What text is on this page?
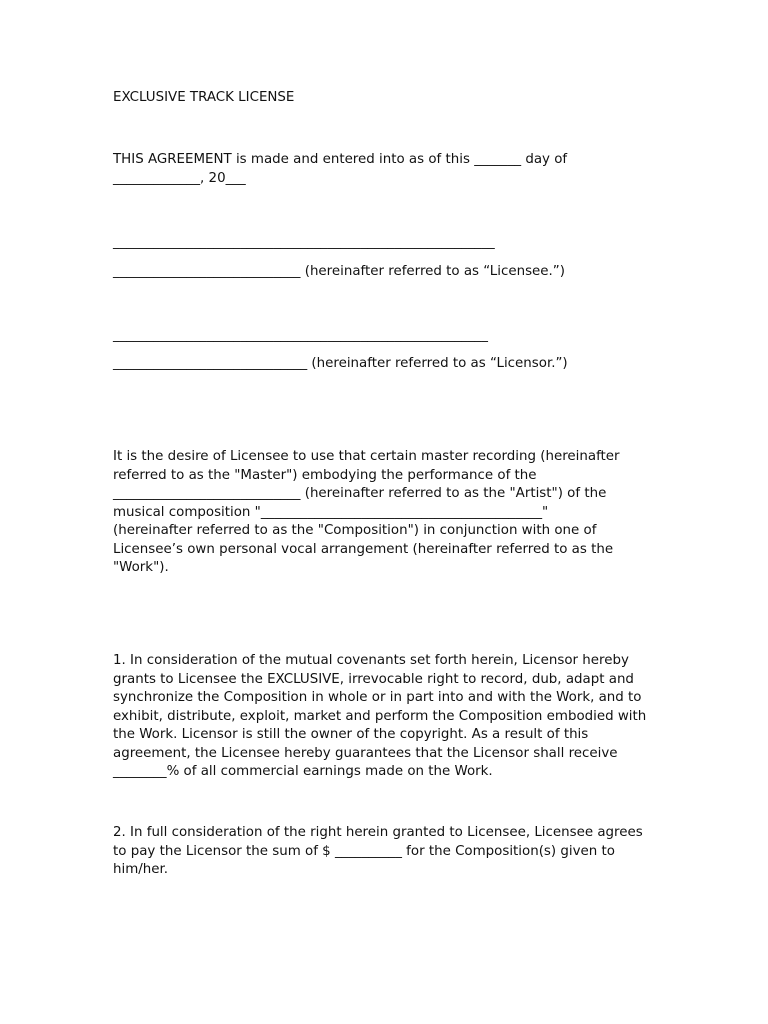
EXCLUSIVE TRACK LICENSE

THIS AGREEMENT is made and entered into as of this _______ day of

_____________, 20___

_________________________________________________________

____________________________ (hereinafter referred to as “Licensee.”)

________________________________________________________

_____________________________ (hereinafter referred to as “Licensor.”)

It is the desire of Licensee to use that certain master recording (hereinafter
referred to as the "Master") embodying the performance of the
____________________________ (hereinafter referred to as the "Artist") of the
musical composition "__________________________________________"
(hereinafter referred to as the "Composition") in conjunction with one of
Licensee’s own personal vocal arrangement (hereinafter referred to as the
"Work").

1. In consideration of the mutual covenants set forth herein, Licensor hereby
grants to Licensee the EXCLUSIVE, irrevocable right to record, dub, adapt and
synchronize the Composition in whole or in part into and with the Work, and to
exhibit, distribute, exploit, market and perform the Composition embodied with
the Work. Licensor is still the owner of the copyright. As a result of this
agreement, the Licensee hereby guarantees that the Licensor shall receive
________% of all commercial earnings made on the Work.

2. In full consideration of the right herein granted to Licensee, Licensee agrees
to pay the Licensor the sum of $ __________ for the Composition(s) given to
him/her.
